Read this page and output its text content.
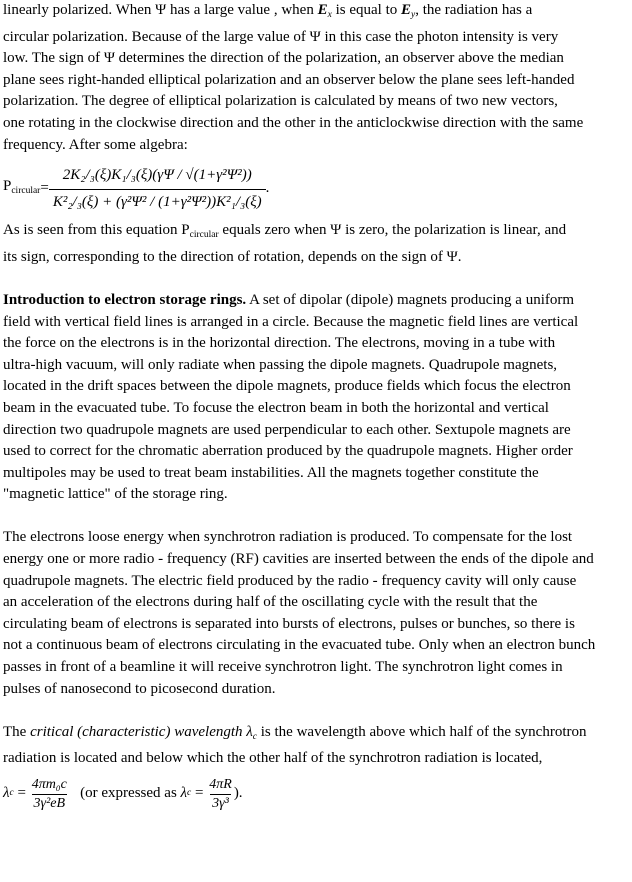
linearly polarized. When Ψ has a large value , when $E_x$ is equal to $E_y$, the radiation has a

circular polarization. Because of the large value of Ψ in this case the photon intensity is very

low. The sign of Ψ determines the direction of the polarization, an observer above the median

plane sees right-handed elliptical polarization and an observer below the plane sees left-handed

polarization. The degree of elliptical polarization is calculated by means of two new vectors,

one rotating in the clockwise direction and the other in the anticlockwise direction with the same

frequency. After some algebra:

$P_{circular} = \frac{\text{2K₂/₃(ξ)K₁/₃(ξ)(γΨ / √(1+γ²Ψ²))}}{\text{K²₂/₃(ξ) + (γ²Ψ² / (1+γ²Ψ²))K²₁/₃(ξ)}}$ .

As is seen from this equation $P_{circular}$ equals zero when Ψ is zero, the polarization is linear, and

its sign, corresponding to the direction of rotation, depends on the sign of Ψ.

Introduction to electron storage rings. A set of dipolar (dipole) magnets producing a uniform

field with vertical field lines is arranged in a circle. Because the magnetic field lines are vertical

the force on the electrons is in the horizontal direction. The electrons, moving in a tube with

ultra-high vacuum, will only radiate when passing the dipole magnets. Quadrupole magnets,

located in the drift spaces between the dipole magnets, produce fields which focus the electron

beam in the evacuated tube. To focuse the electron beam in both the horizontal and vertical

direction two quadrupole magnets are used perpendicular to each other. Sextupole magnets are

used to correct for the chromatic aberration produced by the quadrupole magnets. Higher order

multipoles may be used to treat beam instabilities. All the magnets together constitute the

"magnetic lattice" of the storage ring.

The electrons loose energy when synchrotron radiation is produced. To compensate for the lost

energy one or more radio - frequency (RF) cavities are inserted between the ends of the dipole and

quadrupole magnets. The electric field produced by the radio - frequency cavity will only cause

an acceleration of the electrons during half of the oscillating cycle with the result that the

circulating beam of electrons is separated into bursts of electrons, pulses or bunches, so there is

not a continuous beam of electrons circulating in the evacuated tube. Only when an electron bunch

passes in front of a beamline it will receive synchrotron light. The synchrotron light comes in

pulses of nanosecond to picosecond duration.

The critical (characteristic) wavelength $\lambda_c$ is the wavelength above which half of the synchrotron

radiation is located and below which the other half of the synchrotron radiation is located,

λ $c = \frac{\text{4πm₀c}}{\text{3γ²eB}}$
(or expressed as
λ $c = \frac{4\pi R}{\text{3γ³}}$ ).
